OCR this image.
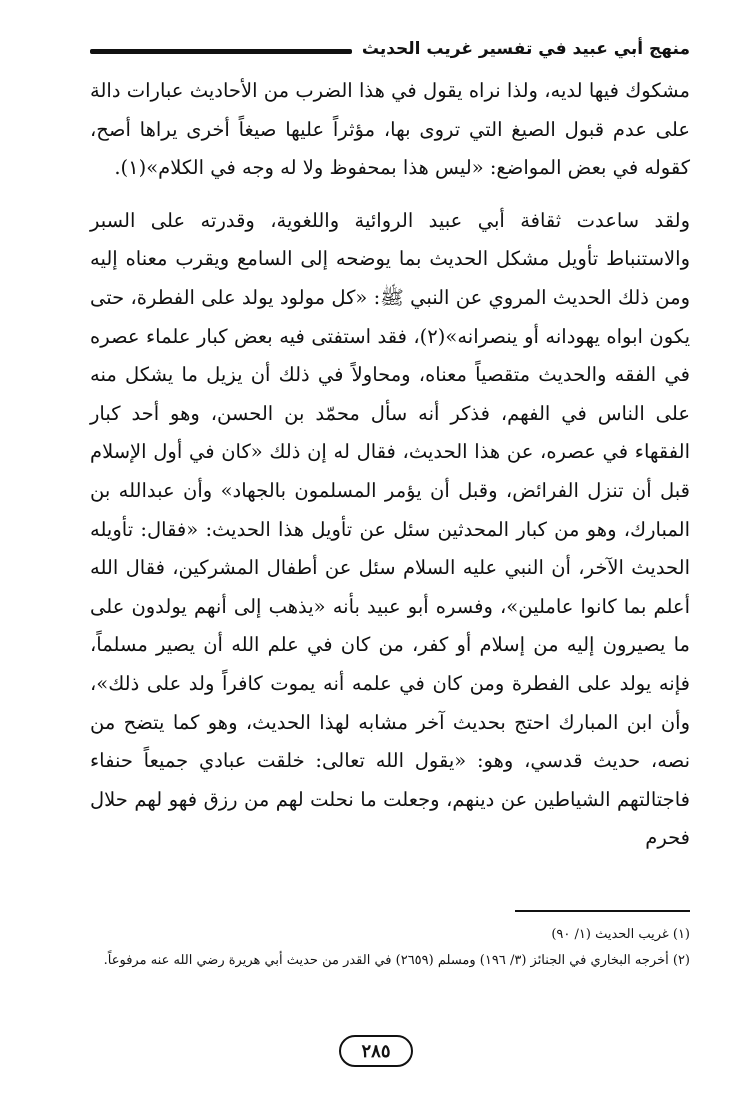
منهج أبي عبيد في تفسير غريب الحديث

مشكوك فيها لديه، ولذا نراه يقول في هذا الضرب من الأحاديث عبارات دالة على عدم قبول الصيغ التي تروى بها، مؤثراً عليها صيغاً أخرى يراها أصح، كقوله في بعض المواضع: «ليس هذا بمحفوظ ولا له وجه في الكلام»(١).

ولقد ساعدت ثقافة أبي عبيد الروائية واللغوية، وقدرته على السبر والاستنباط تأويل مشكل الحديث بما يوضحه إلى السامع ويقرب معناه إليه ومن ذلك الحديث المروي عن النبي ﷺ: «كل مولود يولد على الفطرة، حتى يكون ابواه يهودانه أو ينصرانه»(٢)، فقد استفتى فيه بعض كبار علماء عصره في الفقه والحديث متقصياً معناه، ومحاولاً في ذلك أن يزيل ما يشكل منه على الناس في الفهم، فذكر أنه سأل محمّد بن الحسن، وهو أحد كبار الفقهاء في عصره، عن هذا الحديث، فقال له إن ذلك «كان في أول الإسلام قبل أن تنزل الفرائض، وقبل أن يؤمر المسلمون بالجهاد» وأن عبدالله بن المبارك، وهو من كبار المحدثين سئل عن تأويل هذا الحديث: «فقال: تأويله الحديث الآخر، أن النبي عليه السلام سئل عن أطفال المشركين، فقال الله أعلم بما كانوا عاملين»، وفسره أبو عبيد بأنه «يذهب إلى أنهم يولدون على ما يصيرون إليه من إسلام أو كفر، من كان في علم الله أن يصير مسلماً، فإنه يولد على الفطرة ومن كان في علمه أنه يموت كافراً ولد على ذلك»، وأن ابن المبارك احتج بحديث آخر مشابه لهذا الحديث، وهو كما يتضح من نصه، حديث قدسي، وهو: «يقول الله تعالى: خلقت عبادي جميعاً حنفاء فاجتالتهم الشياطين عن دينهم، وجعلت ما نحلت لهم من رزق فهو لهم حلال فحرم

(١) غريب الحديث (١/ ٩٠)
(٢) أخرجه البخاري في الجنائز (٣/ ١٩٦) ومسلم (٢٦٥٩) في القدر من حديث أبي هريرة رضي الله عنه مرفوعاً.
٢٨٥
